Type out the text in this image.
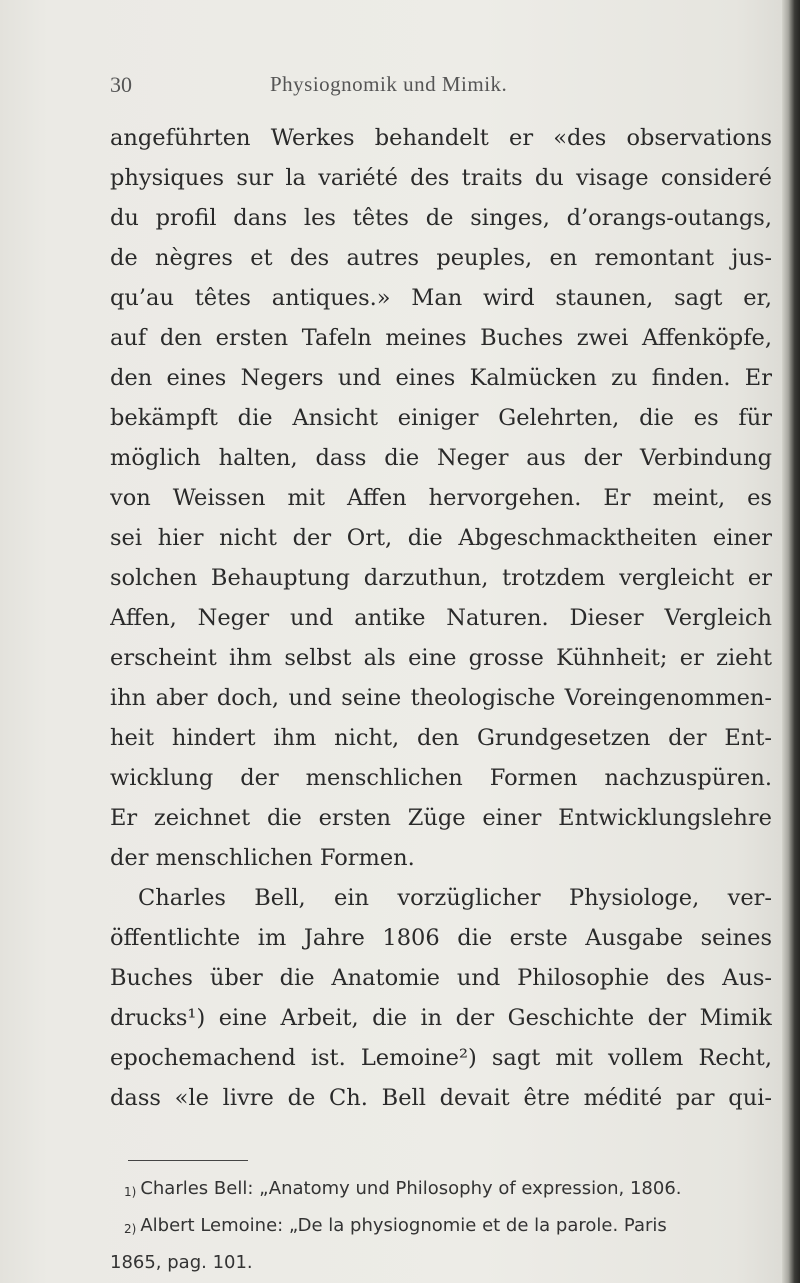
30	Physiognomik und Mimik.
angeführten Werkes behandelt er «des observations
physiques sur la variété des traits du visage consideré
du profil dans les têtes de singes, d’orangs-outangs,
de nègres et des autres peuples, en remontant jus-
qu’au têtes antiques.» Man wird staunen, sagt er,
auf den ersten Tafeln meines Buches zwei Affenköpfe,
den eines Negers und eines Kalmücken zu finden. Er
bekämpft die Ansicht einiger Gelehrten, die es für
möglich halten, dass die Neger aus der Verbindung
von Weissen mit Affen hervorgehen. Er meint, es
sei hier nicht der Ort, die Abgeschmacktheiten einer
solchen Behauptung darzuthun, trotzdem vergleicht er
Affen, Neger und antike Naturen. Dieser Vergleich
erscheint ihm selbst als eine grosse Kühnheit; er zieht
ihn aber doch, und seine theologische Voreingenommen-
heit hindert ihm nicht, den Grundgesetzen der Ent-
wicklung der menschlichen Formen nachzuspüren.
Er zeichnet die ersten Züge einer Entwicklungslehre
der menschlichen Formen.
Charles Bell, ein vorzüglicher Physiologe, ver-
öffentlichte im Jahre 1806 die erste Ausgabe seines
Buches über die Anatomie und Philosophie des Aus-
drucks¹) eine Arbeit, die in der Geschichte der Mimik
epochemachend ist. Lemoine²) sagt mit vollem Recht,
dass «le livre de Ch. Bell devait être médité par qui-
1) Charles Bell: „Anatomy und Philosophy of expression, 1806.
2) Albert Lemoine: „De la physiognomie et de la parole. Paris
1865, pag. 101.
